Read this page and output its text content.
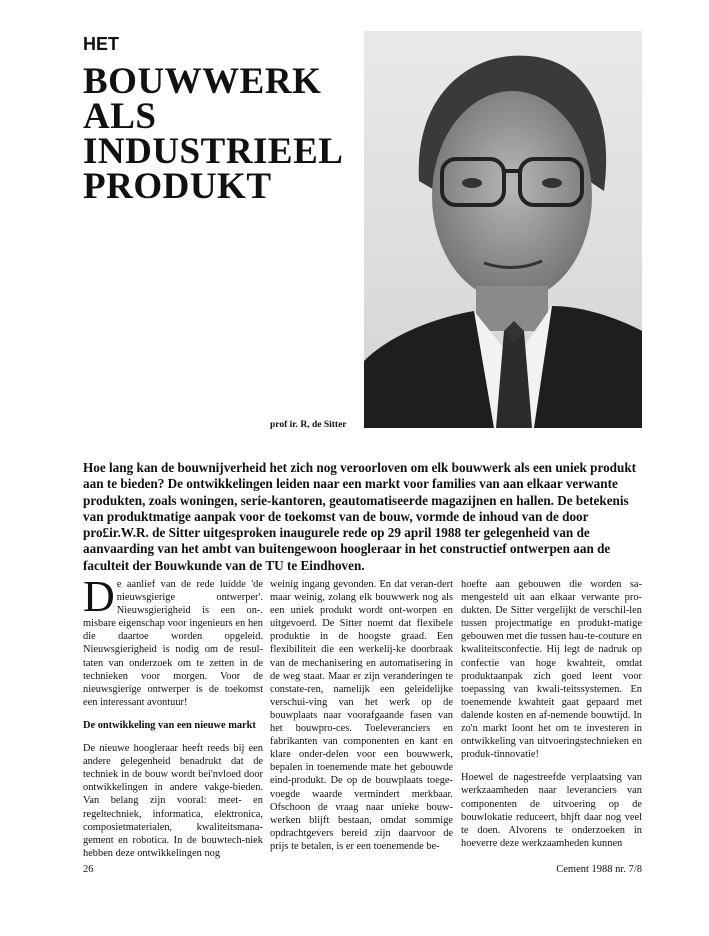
HET
BOUWWERK
ALS
INDUSTRIEEL
PRODUKT
prof ir. R, de Sitter
Hoe lang kan de bouwnijverheid het zich nog veroorloven om elk bouwwerk als een uniek produkt aan te bieden? De ontwikkelingen leiden naar een markt voor families van aan elkaar verwante produkten, zoals woningen, serie-kantoren, geautomatiseerde magazijnen en hallen. De betekenis van produktmatige aanpak voor de toekomst van de bouw, vormde de inhoud van de door pro£ir.W.R. de Sitter uitgesproken inaugurele rede op 29 april 1988 ter gelegenheid van de aanvaarding van het ambt van buitengewoon hoogleraar in het constructief ontwerpen aan de faculteit der Bouwkunde van de TU te Eindhoven.

De aanlief van de rede luidde 'de nieuwsgierige ontwerper'. Nieuwsgierigheid is een on-. misbare eigenschap voor ingenieurs en hen die daartoe worden opgeleid. Nieuwsgierigheid is nodig om de resul-taten van onderzoek om te zetten in de technieken voor morgen. Voor de nieuwsgierige ontwerper is de toekomst een interessant avontuur!

De ontwikkeling van een nieuwe markt

De nieuwe hoogleraar heeft reeds bij een andere gelegenheid benadrukt dat de techniek in de bouw wordt bei'nvloed door ontwikkelingen in andere vakge-bieden. Van belang zijn vooral: meet- en regeltechniek, informatica, elektronica, composietmaterialen, kwaliteitsmana-gement en robotica. In de bouwtech-niek hebben deze ontwikkelingen nog

weinig ingang gevonden. En dat veran-dert maar weinig, zolang elk bouwwerk nog als een uniek produkt wordt ont-worpen en uitgevoerd. De Sitter noemt dat flexibele produktie in de hoogste graad. Een flexibiliteit die een werkelij-ke doorbraak van de mechanisering en automatisering in de weg staat. Maar er zijn veranderingen te constate-ren, namelijk een geleidelijke verschui-ving van het werk op de bouwplaats naar voorafgaande fasen van het bouwpro-ces. Toeleveranciers en fabrikanten van componenten en kant en klare onder-delen voor een bouwwerk, bepalen in toenemende mate het gebouwde eind-produkt. De op de bouwplaats toege-voegde waarde vermindert merkbaar. Ofschoon de vraag naar unieke bouw-werken blijft bestaan, omdat sommige opdrachtgevers bereid zijn daarvoor de prijs te betalen, is er een toenemende be-

hoefte aan gebouwen die worden sa-mengesteld uit aan elkaar verwante pro-dukten. De Sitter vergelijkt de verschil-len tussen projectmatige en produkt-matige gebouwen met die tussen hau-te-couture en kwaliteitsconfectie. Hij legt de nadruk op confectie van hoge kwahteit, omdat produktaanpak zich goed leent voor toepassing van kwali-teitssystemen. En toenemende kwahteit gaat gepaard met dalende kosten en af-nemende bouwtijd. In zo'n markt loont het om te investeren in ontwikkeling van uitvoeringstechnieken en produk-tinnovatie!

Hoewel de nagestreefde verplaatsing van werkzaamheden naar leveranciers van componenten de uitvoering op de bouwlokatie reduceert, bhjft daar nog veel te doen. Alvorens te onderzoeken in hoeverre deze werkzaamheden kunnen

26	Cement 1988 nr. 7/8
